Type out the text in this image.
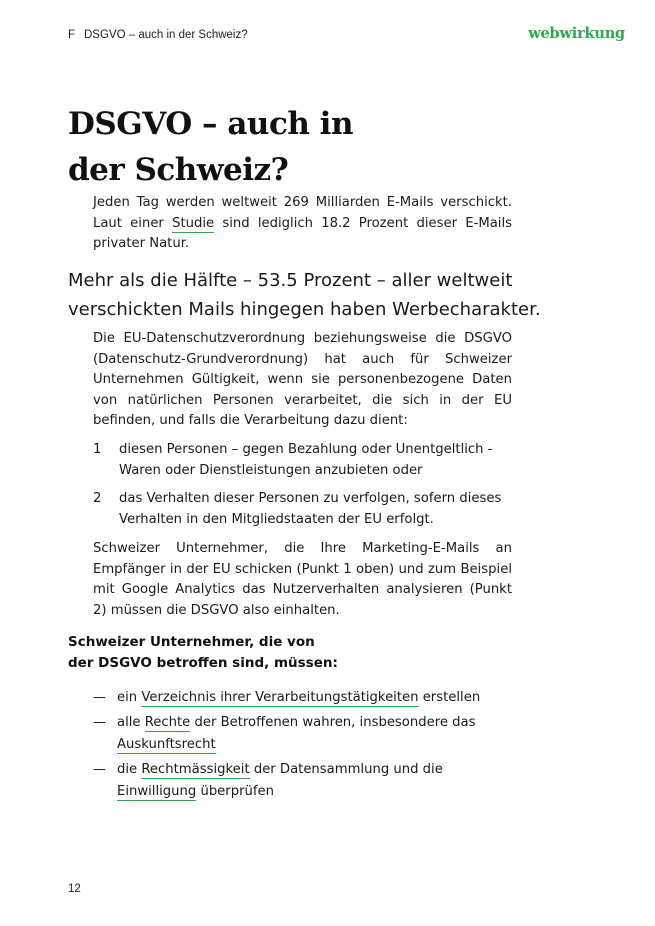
F DSGVO – auch in der Schweiz?	webwirkung
DSGVO – auch in
der Schweiz?

Jeden Tag werden weltweit 269 Milliarden E-Mails verschickt. Laut einer Studie sind lediglich 18.2 Prozent dieser E-Mails privater Natur.

Mehr als die Hälfte – 53.5 Prozent – aller weltweit verschickten Mails hingegen haben Werbecharakter.

Die EU-Datenschutzverordnung beziehungsweise die DSGVO (Datenschutz-Grundverordnung) hat auch für Schweizer Unternehmen Gültigkeit, wenn sie personenbezogene Daten von natürlichen Personen verarbeitet, die sich in der EU befinden, und falls die Verarbeitung dazu dient:

1 diesen Personen – gegen Bezahlung oder Unentgeltlich - Waren oder Dienstleistungen anzubieten oder
2 das Verhalten dieser Personen zu verfolgen, sofern dieses Verhalten in den Mitgliedstaaten der EU erfolgt.

Schweizer Unternehmer, die Ihre Marketing-E-Mails an Empfänger in der EU schicken (Punkt 1 oben) und zum Beispiel mit Google Analytics das Nutzerverhalten analysieren (Punkt 2) müssen die DSGVO also einhalten.

Schweizer Unternehmer, die von
der DSGVO betroffen sind, müssen:

— ein Verzeichnis ihrer Verarbeitungstätigkeiten erstellen
— alle Rechte der Betroffenen wahren, insbesondere das Auskunftsrecht
— die Rechtmässigkeit der Datensammlung und die Einwilligung überprüfen
12
